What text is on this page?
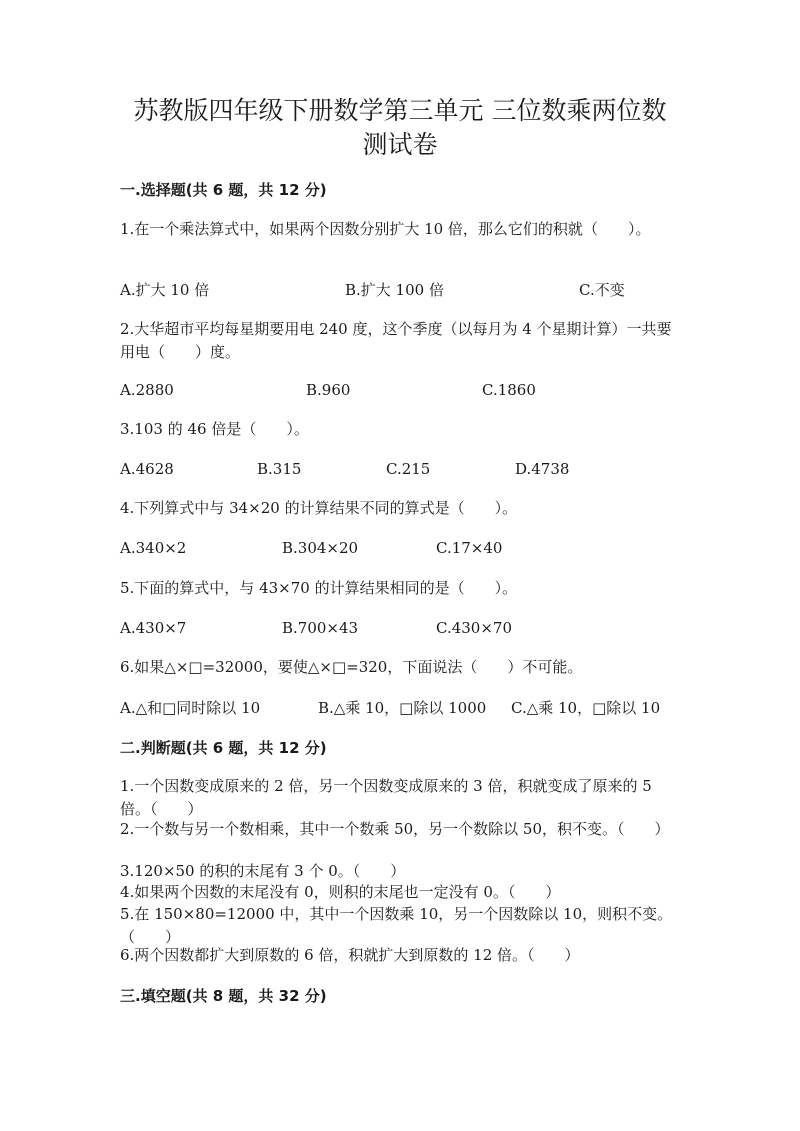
苏教版四年级下册数学第三单元 三位数乘两位数
测试卷
一.选择题(共 6 题，共 12 分)
1.在一个乘法算式中，如果两个因数分别扩大 10 倍，那么它们的积就（　　）。
A.扩大 10 倍	B.扩大 100 倍	C.不变
2.大华超市平均每星期要用电 240 度，这个季度（以每月为 4 个星期计算）一共要用电（　　）度。
A.2880	B.960	C.1860
3.103 的 46 倍是（　　）。
A.4628	B.315	C.215	D.4738
4.下列算式中与 34×20 的计算结果不同的算式是（　　）。
A.340×2	B.304×20	C.17×40
5.下面的算式中，与 43×70 的计算结果相同的是（　　）。
A.430×7	B.700×43	C.430×70
6.如果△×□=32000，要使△×□=320，下面说法（　　）不可能。
A.△和□同时除以 10	B.△乘 10，□除以 1000 C.△乘 10，□除以 10
二.判断题(共 6 题，共 12 分)
1.一个因数变成原来的 2 倍，另一个因数变成原来的 3 倍，积就变成了原来的 5 倍。（　　）
2.一个数与另一个数相乘，其中一个数乘 50，另一个数除以 50，积不变。（　　）
3.120×50 的积的末尾有 3 个 0。（　　）
4.如果两个因数的末尾没有 0，则积的末尾也一定没有 0。（　　）
5.在 150×80=12000 中，其中一个因数乘 10，另一个因数除以 10，则积不变。（　　）
6.两个因数都扩大到原数的 6 倍，积就扩大到原数的 12 倍。（　　）
三.填空题(共 8 题，共 32 分)
